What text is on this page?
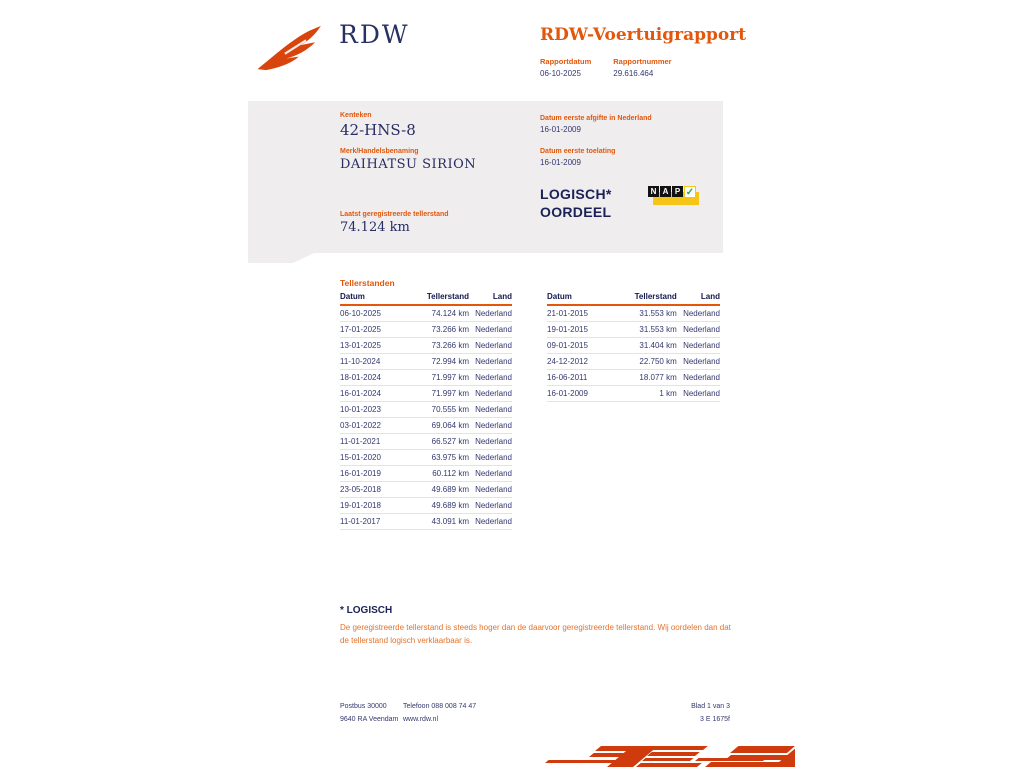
RDW	RDW-Voertuigrapport
Rapportdatum
06-10-2025
Rapportnummer
29.616.464
Kenteken
42-HNS-8
Merk/Handelsbenaming
DAIHATSU SIRION
Laatst geregistreerde tellerstand
74.124 km
Datum eerste afgifte in Nederland
16-01-2009
Datum eerste toelating
16-01-2009
LOGISCH*
OORDEEL
N A P ✓
Tellerstanden
Datum	Tellerstand	Land
06-10-2025	74.124 km	Nederland
17-01-2025	73.266 km	Nederland
13-01-2025	73.266 km	Nederland
11-10-2024	72.994 km	Nederland
18-01-2024	71.997 km	Nederland
16-01-2024	71.997 km	Nederland
10-01-2023	70.555 km	Nederland
03-01-2022	69.064 km	Nederland
11-01-2021	66.527 km	Nederland
15-01-2020	63.975 km	Nederland
16-01-2019	60.112 km	Nederland
23-05-2018	49.689 km	Nederland
19-01-2018	49.689 km	Nederland
11-01-2017	43.091 km	Nederland
Datum	Tellerstand	Land
21-01-2015	31.553 km	Nederland
19-01-2015	31.553 km	Nederland
09-01-2015	31.404 km	Nederland
24-12-2012	22.750 km	Nederland
16-06-2011	18.077 km	Nederland
16-01-2009	1 km	Nederland
* LOGISCH
De geregistreerde tellerstand is steeds hoger dan de daarvoor geregistreerde tellerstand. Wij oordelen dan dat de tellerstand logisch verklaarbaar is.
Postbus 30000
9640 RA Veendam
Telefoon 088 008 74 47
www.rdw.nl
Blad 1 van 3
3 E 1675f
